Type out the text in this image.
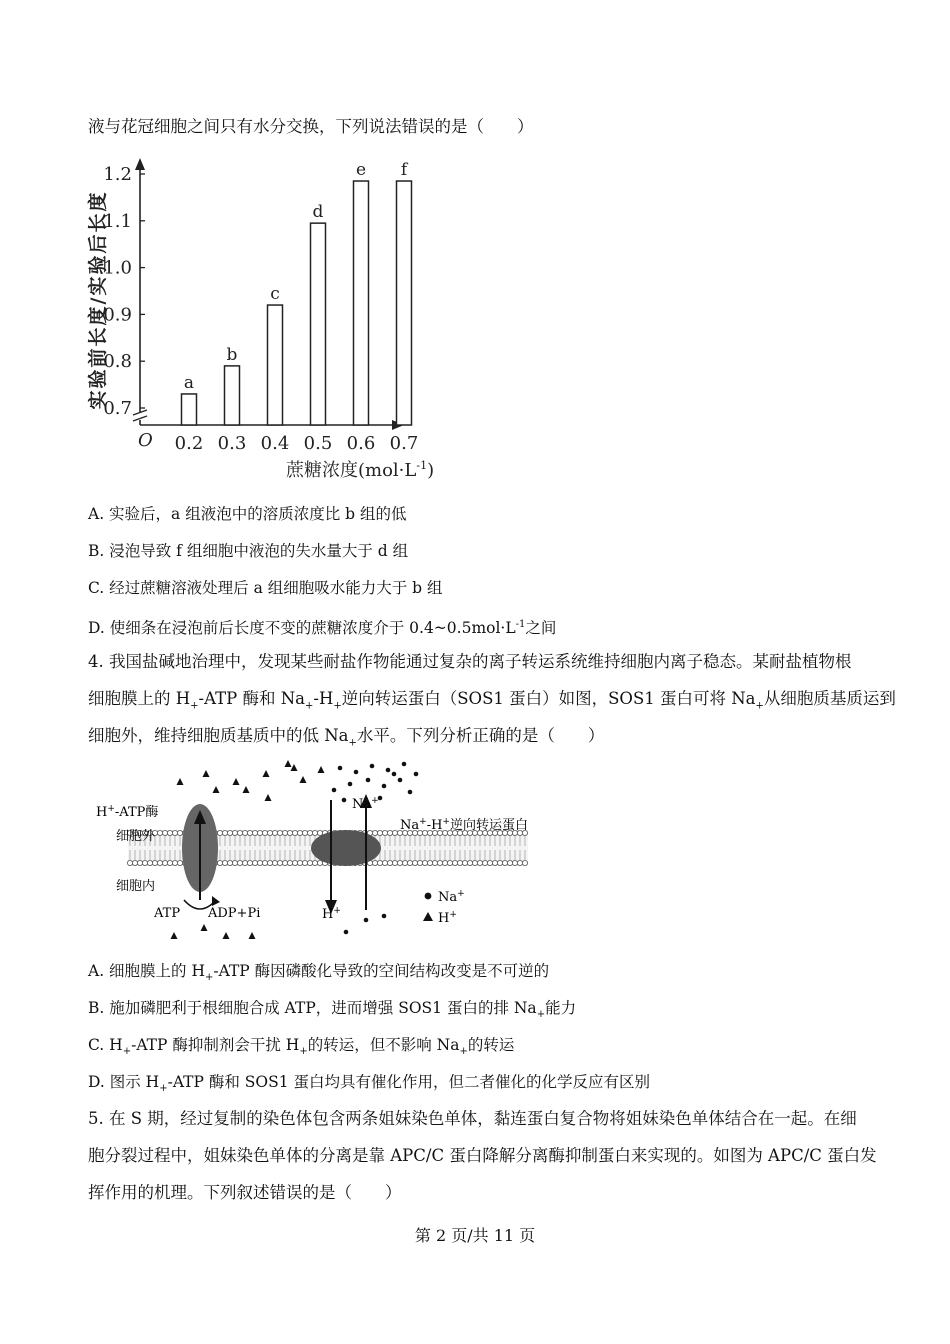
液与花冠细胞之间只有水分交换，下列说法错误的是（　　）
a
b
c
d
e f
0.7
0.8
0.9
1.0
1.1
1.2
0.2 0.3 0.4 0.5 0.6 0.7
实验前长度/实验后长度
O
蔗糖浓度$(mol\cdot L^{-1})$
A. 实验后，a 组液泡中的溶质浓度比 b 组的低
B. 浸泡导致 f 组细胞中液泡的失水量大于 d 组
C. 经过蔗糖溶液处理后 a 组细胞吸水能力大于 b 组
D. 使细条在浸泡前后长度不变的蔗糖浓度介于 $0.4\sim 0.5mol\cdot L^{-1}$之间
4. 我国盐碱地治理中，发现某些耐盐作物能通过复杂的离子转运系统维持细胞内离子稳态。某耐盐植物根
细胞膜上的 $H_+$-ATP 酶和 $Na_+-H_+$逆向转运蛋白（SOS1 蛋白）如图，SOS1 蛋白可将 $Na_+$从细胞质基质运到
细胞外，维持细胞质基质中的低 $Na_+$水平。下列分析正确的是（　　）
H+-ATP酶
细胞外
细胞内
ATP ADP+Pi
Na+
Na+-H+逆向转运蛋白
H+
Na+
H+
A. 细胞膜上的 $H_+$-ATP 酶因磷酸化导致的空间结构改变是不可逆的
B. 施加磷肥利于根细胞合成 ATP，进而增强 SOS1 蛋白的排 $Na_+$能力
C. $H_+$-ATP 酶抑制剂会干扰 $H_+$的转运，但不影响 $Na_+$的转运
D. 图示 $H_+$-ATP 酶和 SOS1 蛋白均具有催化作用，但二者催化的化学反应有区别
5. 在 S 期，经过复制的染色体包含两条姐妹染色单体，黏连蛋白复合物将姐妹染色单体结合在一起。在细
胞分裂过程中，姐妹染色单体的分离是靠 APC/C 蛋白降解分离酶抑制蛋白来实现的。如图为 APC/C 蛋白发
挥作用的机理。下列叙述错误的是（　　）
第 2 页/共 11 页
